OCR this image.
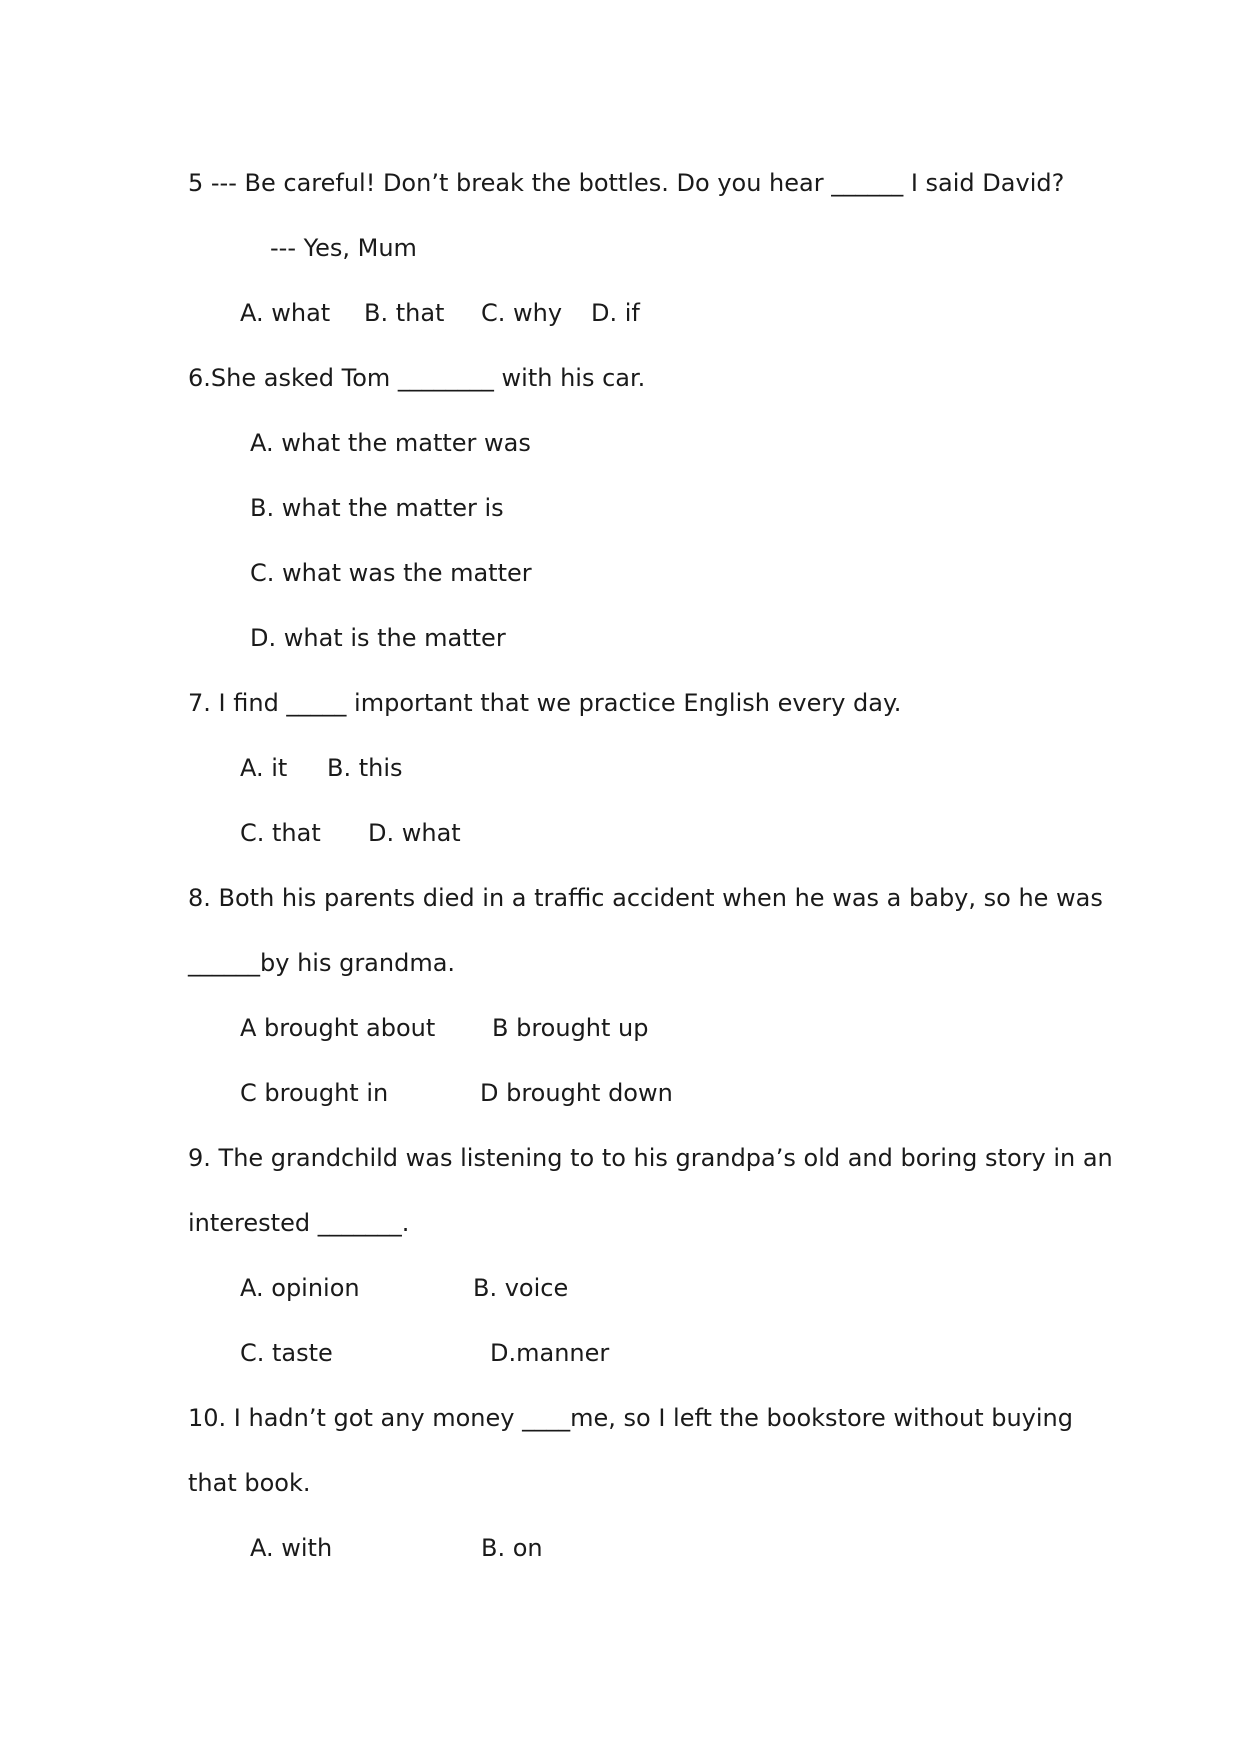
5 --- Be careful! Don’t break the bottles. Do you hear ______ I said David?
--- Yes, Mum
A. what B. that C. why D. if
6.She asked Tom ________ with his car.
A. what the matter was
B. what the matter is
C. what was the matter
D. what is the matter
7. I find _____ important that we practice English every day.
A. it B. this
C. that D. what
8. Both his parents died in a traffic accident when he was a baby, so he was
______by his grandma.
A brought about B brought up
C brought in	D brought down
9. The grandchild was listening to to his grandpa’s old and boring story in an
interested _______.
A. opinion	B. voice
C. taste	D.manner
10. I hadn’t got any money ____me, so I left the bookstore without buying
that book.
A. with	B. on
